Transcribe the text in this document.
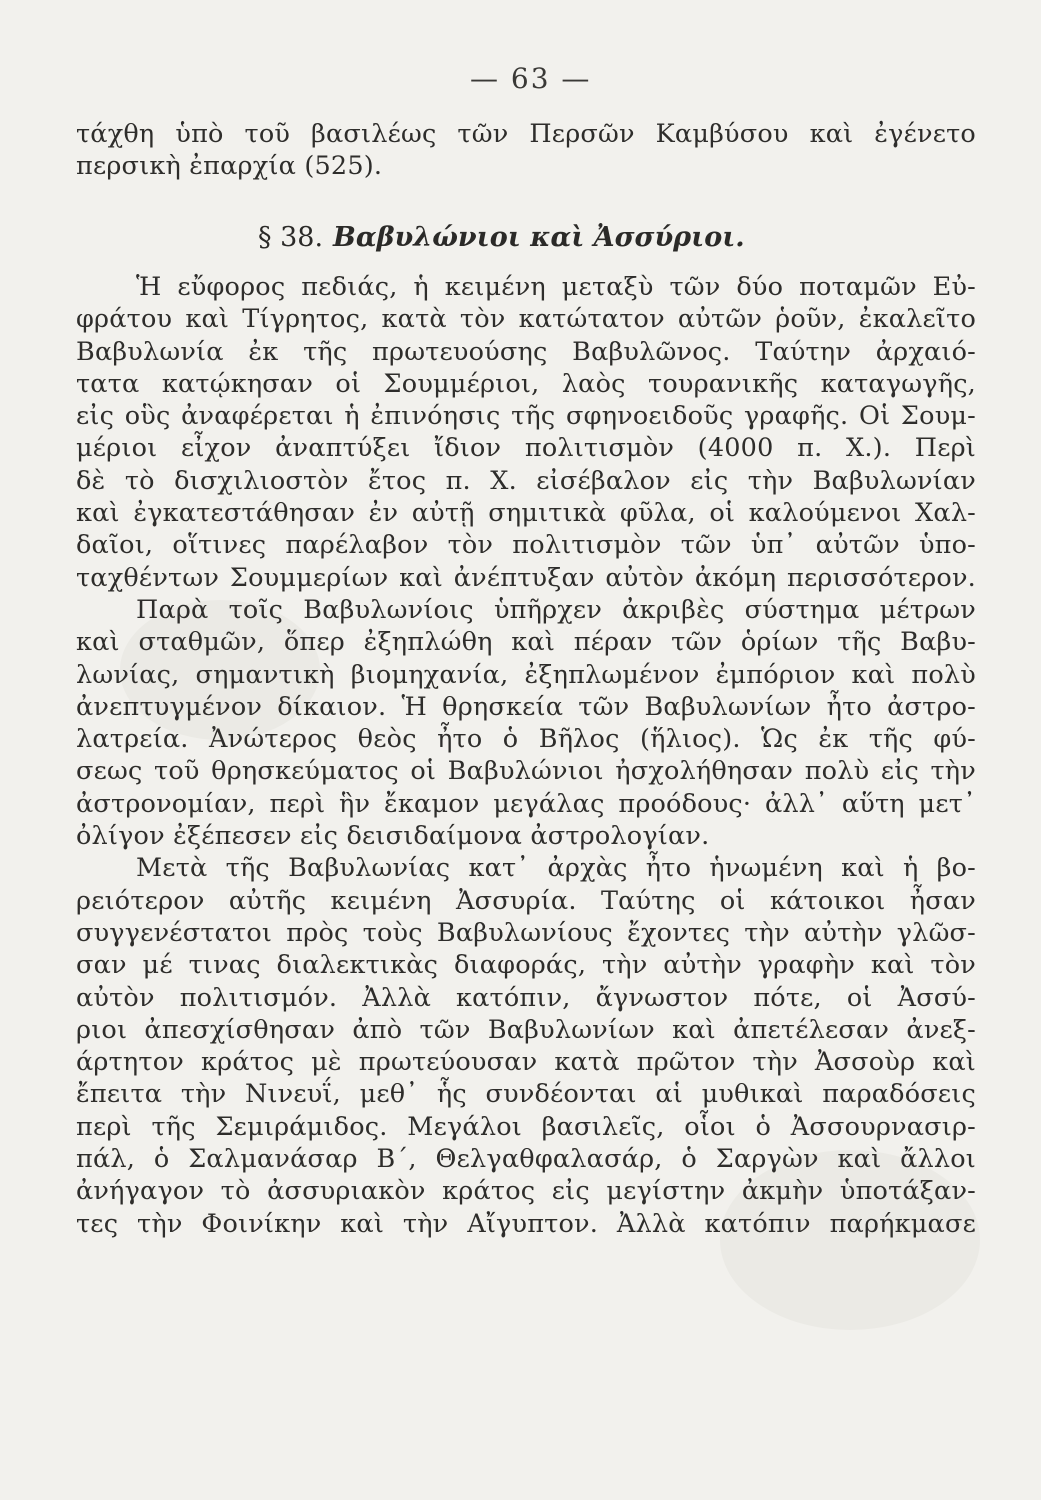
— 63 —

τάχθη ὑπὸ τοῦ βασιλέως τῶν Περσῶν Καμβύσου καὶ ἐγένετο

περσικὴ ἐπαρχία (525).

§ 38. Βαβυλώνιοι καὶ Ἀσσύριοι.

Ἡ εὔφορος πεδιάς, ἡ κειμένη μεταξὺ τῶν δύο ποταμῶν Εὐ-

φράτου καὶ Τίγρητος, κατὰ τὸν κατώτατον αὐτῶν ῥοῦν, ἐκαλεῖτο

Βαβυλωνία ἐκ τῆς πρωτευούσης Βαβυλῶνος. Ταύτην ἀρχαιό-

τατα κατῴκησαν οἱ Σουμμέριοι, λαὸς τουρανικῆς καταγωγῆς,

εἰς οὓς ἀναφέρεται ἡ ἐπινόησις τῆς σφηνοειδοῦς γραφῆς. Οἱ Σουμ-

μέριοι εἶχον ἀναπτύξει ἴδιον πολιτισμὸν (4000 π. Χ.). Περὶ

δὲ τὸ δισχιλιοστὸν ἔτος π. Χ. εἰσέβαλον εἰς τὴν Βαβυλωνίαν

καὶ ἐγκατεστάθησαν ἐν αὐτῇ σημιτικὰ φῦλα, οἱ καλούμενοι Χαλ-

δαῖοι, οἵτινες παρέλαβον τὸν πολιτισμὸν τῶν ὑπ᾽ αὐτῶν ὑπο-

ταχθέντων Σουμμερίων καὶ ἀνέπτυξαν αὐτὸν ἀκόμη περισσότερον.

Παρὰ τοῖς Βαβυλωνίοις ὑπῆρχεν ἀκριβὲς σύστημα μέτρων

καὶ σταθμῶν, ὅπερ ἐξηπλώθη καὶ πέραν τῶν ὁρίων τῆς Βαβυ-

λωνίας, σημαντικὴ βιομηχανία, ἐξηπλωμένον ἐμπόριον καὶ πολὺ

ἀνεπτυγμένον δίκαιον. Ἡ θρησκεία τῶν Βαβυλωνίων ἦτο ἀστρο-

λατρεία. Ἀνώτερος θεὸς ἦτο ὁ Βῆλος (ἥλιος). Ὡς ἐκ τῆς φύ-

σεως τοῦ θρησκεύματος οἱ Βαβυλώνιοι ἠσχολήθησαν πολὺ εἰς τὴν

ἀστρονομίαν, περὶ ἣν ἔκαμον μεγάλας προόδους· ἀλλ᾽ αὕτη μετ᾽

ὀλίγον ἐξέπεσεν εἰς δεισιδαίμονα ἀστρολογίαν.

Μετὰ τῆς Βαβυλωνίας κατ᾽ ἀρχὰς ἦτο ἡνωμένη καὶ ἡ βο-

ρειότερον αὐτῆς κειμένη Ἀσσυρία. Ταύτης οἱ κάτοικοι ἦσαν

συγγενέστατοι πρὸς τοὺς Βαβυλωνίους ἔχοντες τὴν αὐτὴν γλῶσ-

σαν μέ τινας διαλεκτικὰς διαφοράς, τὴν αὐτὴν γραφὴν καὶ τὸν

αὐτὸν πολιτισμόν. Ἀλλὰ κατόπιν, ἄγνωστον πότε, οἱ Ἀσσύ-

ριοι ἀπεσχίσθησαν ἀπὸ τῶν Βαβυλωνίων καὶ ἀπετέλεσαν ἀνεξ-

άρτητον κράτος μὲ πρωτεύουσαν κατὰ πρῶτον τὴν Ἀσσοὺρ καὶ

ἔπειτα τὴν Νινευΐ, μεθ᾽ ἧς συνδέονται αἱ μυθικαὶ παραδόσεις

περὶ τῆς Σεμιράμιδος. Μεγάλοι βασιλεῖς, οἷοι ὁ Ἀσσουρνασιρ-

πάλ, ὁ Σαλμανάσαρ Β´, Θελγαθφαλασάρ, ὁ Σαργὼν καὶ ἄλλοι

ἀνήγαγον τὸ ἀσσυριακὸν κράτος εἰς μεγίστην ἀκμὴν ὑποτάξαν-

τες τὴν Φοινίκην καὶ τὴν Αἴγυπτον. Ἀλλὰ κατόπιν παρήκμασε
